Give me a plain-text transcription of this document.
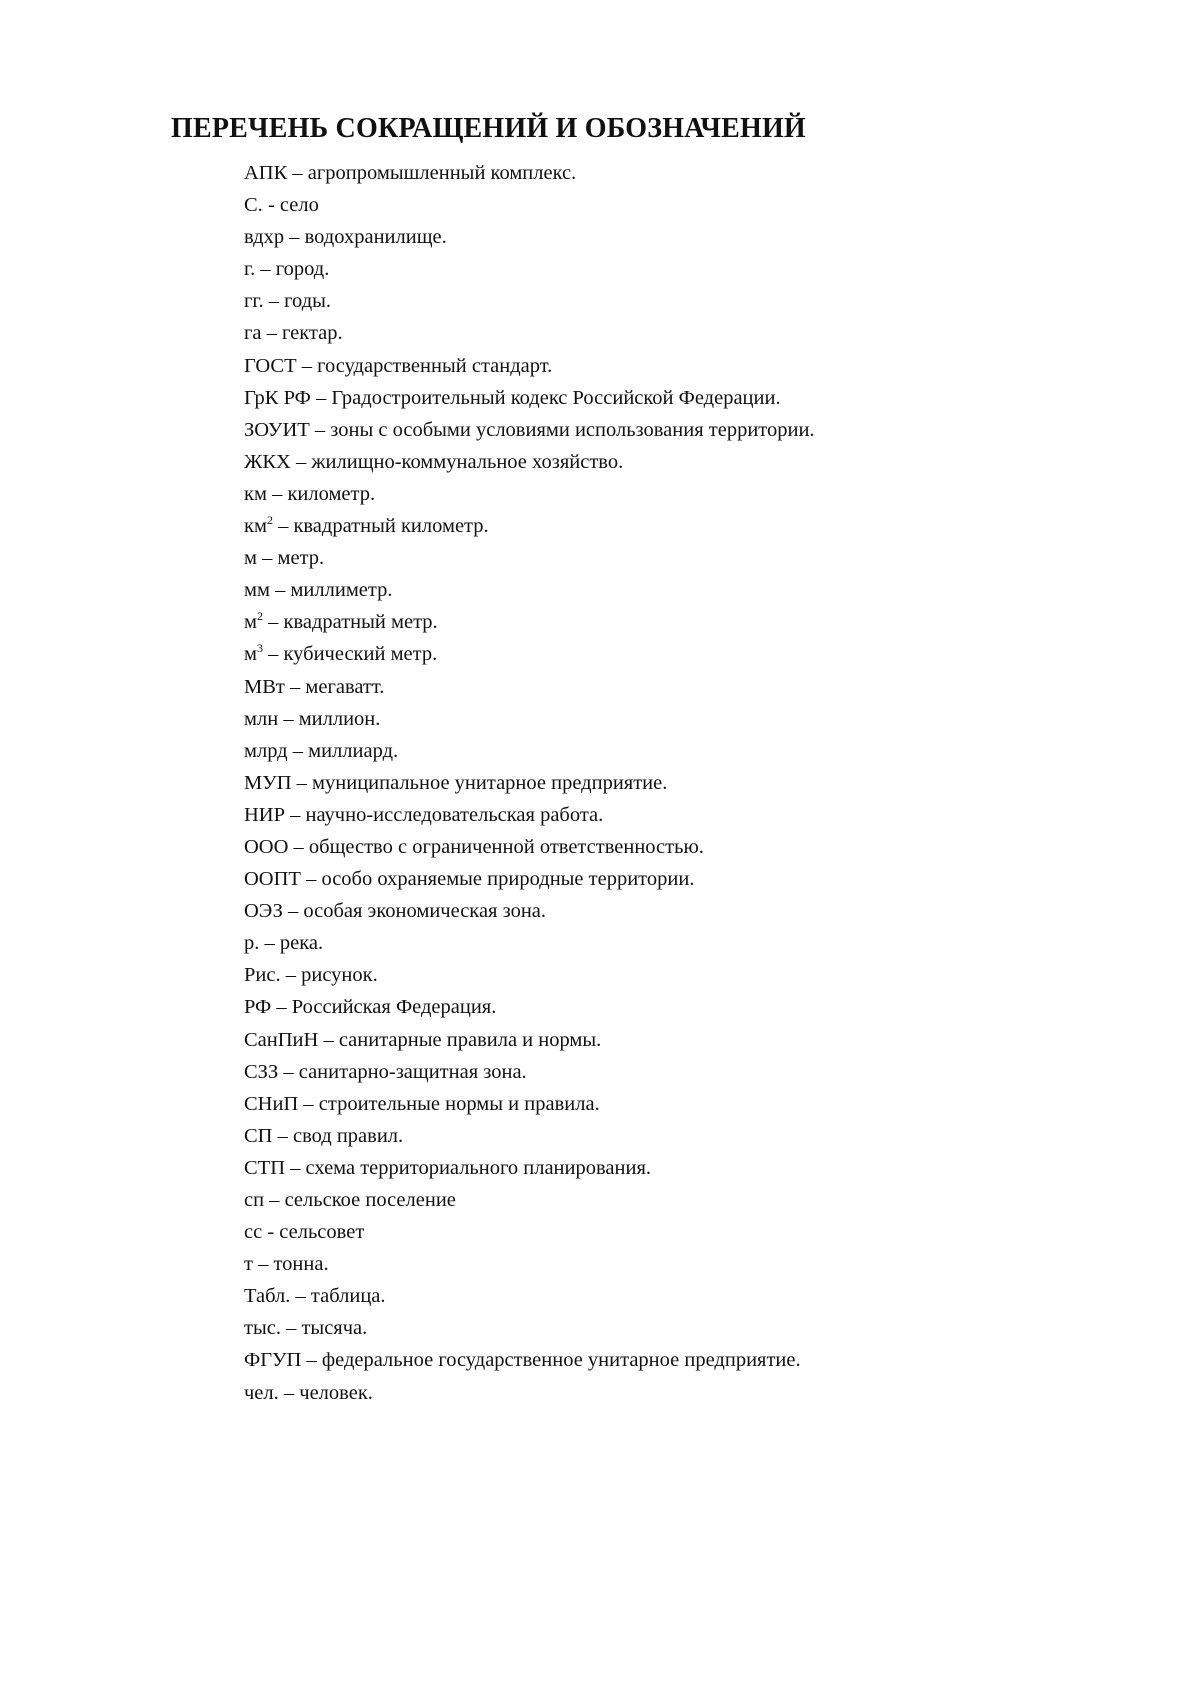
ПЕРЕЧЕНЬ СОКРАЩЕНИЙ И ОБОЗНАЧЕНИЙ
АПК – агропромышленный комплекс.
С. - село
вдхр – водохранилище.
г. – город.
гг. – годы.
га – гектар.
ГОСТ – государственный стандарт.
ГрК РФ – Градостроительный кодекс Российской Федерации.
ЗОУИТ – зоны с особыми условиями использования территории.
ЖКХ – жилищно-коммунальное хозяйство.
км – километр.
$км^2$ – квадратный километр.
м – метр.
мм – миллиметр.
$м^2$ – квадратный метр.
$м^3$ – кубический метр.
МВт – мегаватт.
млн – миллион.
млрд – миллиард.
МУП – муниципальное унитарное предприятие.
НИР – научно-исследовательская работа.
ООО – общество с ограниченной ответственностью.
ООПТ – особо охраняемые природные территории.
ОЭЗ – особая экономическая зона.
р. – река.
Рис. – рисунок.
РФ – Российская Федерация.
СанПиН – санитарные правила и нормы.
СЗЗ – санитарно-защитная зона.
СНиП – строительные нормы и правила.
СП – свод правил.
СТП – схема территориального планирования.
сп – сельское поселение
сс - сельсовет
т – тонна.
Табл. – таблица.
тыс. – тысяча.
ФГУП – федеральное государственное унитарное предприятие.
чел. – человек.
